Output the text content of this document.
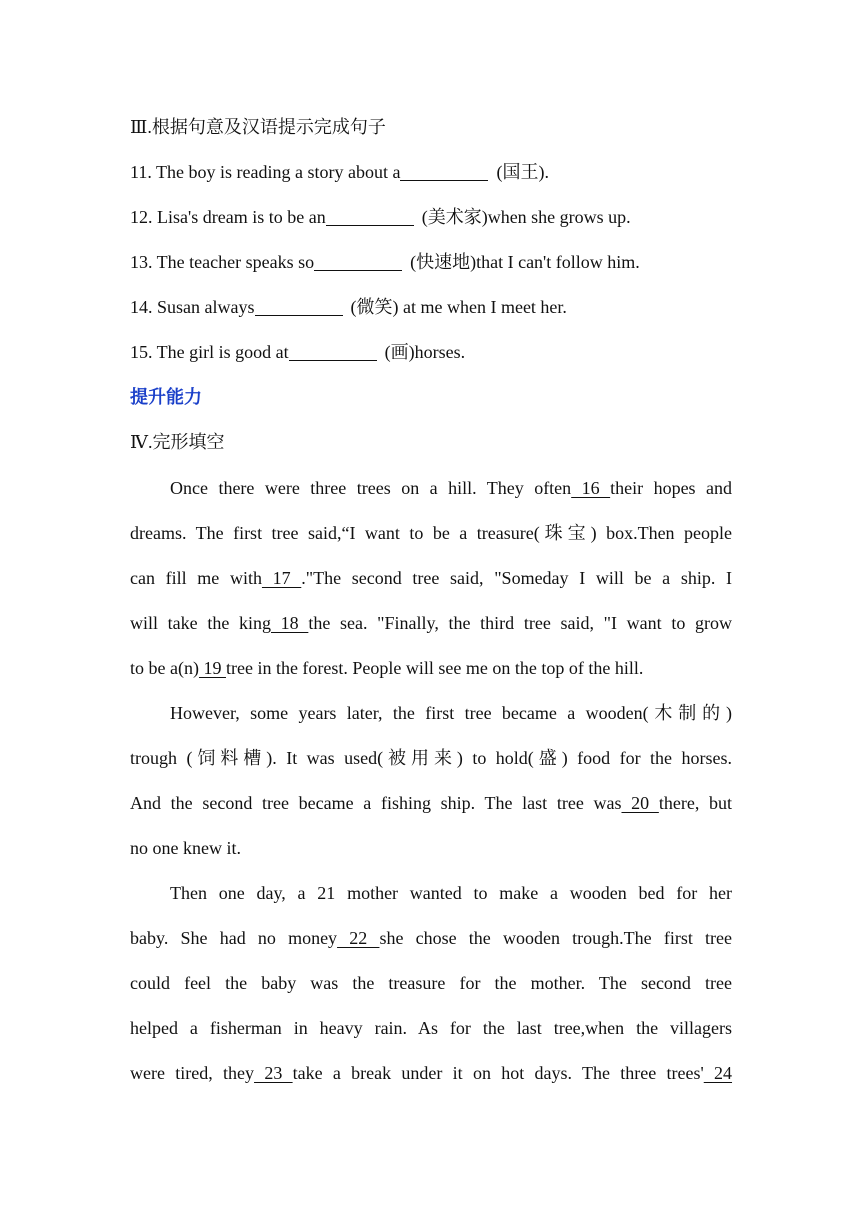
Ⅲ.根据句意及汉语提示完成句子
11. The boy is reading a story about a	(国王).
12. Lisa's dream is to be an	(美术家)when she grows up.
13. The teacher speaks so	(快速地)that I can't follow him.
14. Susan always	(微笑) at me when I meet her.
15. The girl is good at	(画)horses.
提升能力
Ⅳ.完形填空
Once there were three trees on a hill. They often 16 their hopes and
dreams. The first tree said,“I want to be a treasure(珠宝) box.Then people
can fill me with 17 ."The second tree said, "Someday I will be a ship. I
will take the king 18 the sea. "Finally, the third tree said, "I want to grow
to be a(n) 19 tree in the forest. People will see me on the top of the hill.
However, some years later, the first tree became a wooden(木制的)
trough (饲料槽). It was used(被用来) to hold(盛) food for the horses.
And the second tree became a fishing ship. The last tree was 20 there, but
no one knew it.
Then one day, a 21 mother wanted to make a wooden bed for her
baby. She had no money 22 she chose the wooden trough.The first tree
could feel the baby was the treasure for the mother. The second tree
helped a fisherman in heavy rain. As for the last tree,when the villagers
were tired, they 23 take a break under it on hot days. The three trees' 24
